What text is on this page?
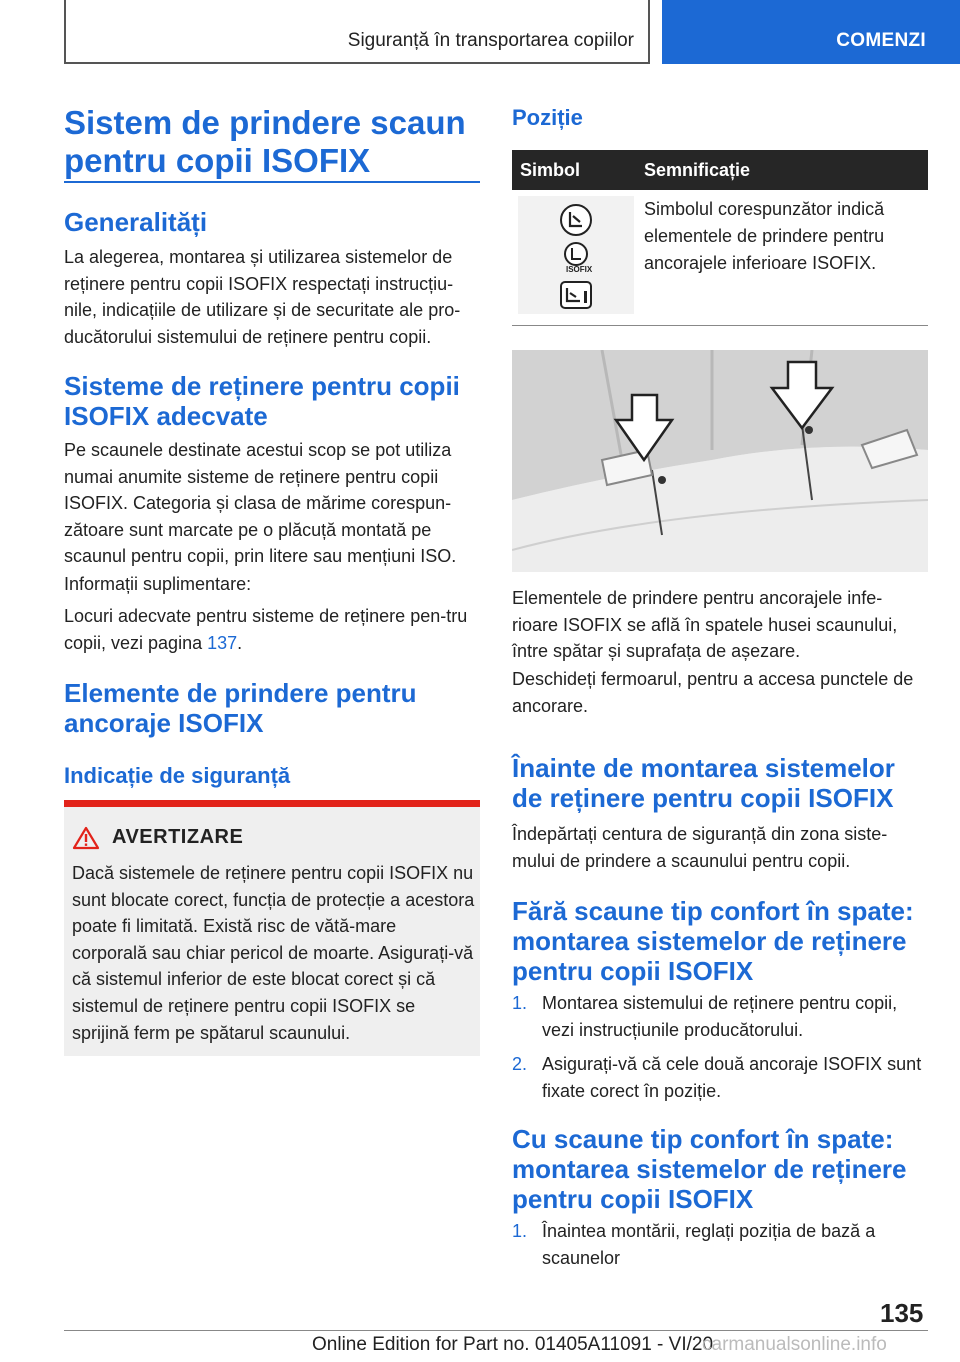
Siguranță în transportarea copiilor	COMENZI
Sistem de prindere scaun pentru copii ISOFIX
Generalități
La alegerea, montarea și utilizarea sistemelor de reținere pentru copii ISOFIX respectați instrucțiu-nile, indicațiile de utilizare și de securitate ale pro-ducătorului sistemului de reținere pentru copii.
Sisteme de reținere pentru copii ISOFIX adecvate
Pe scaunele destinate acestui scop se pot utiliza numai anumite sisteme de reținere pentru copii ISOFIX. Categoria și clasa de mărime corespun-zătoare sunt marcate pe o plăcuță montată pe scaunul pentru copii, prin litere sau mențiuni ISO.
Informații suplimentare:
Locuri adecvate pentru sisteme de reținere pen-tru copii, vezi pagina 137.
Elemente de prindere pentru ancoraje ISOFIX
Indicație de siguranță
AVERTIZARE
Dacă sistemele de reținere pentru copii ISOFIX nu sunt blocate corect, funcția de protecție a acestora poate fi limitată. Există risc de vătă-mare corporală sau chiar pericol de moarte. Asigurați-vă că sistemul inferior de este blocat corect și că sistemul de reținere pentru copii ISOFIX se sprijină ferm pe spătarul scaunului.
Poziție
Simbol	Semnificație
ISOFIX
Simbolul corespunzător indică elementele de prindere pentru ancorajele inferioare ISOFIX.
Elementele de prindere pentru ancorajele infe-rioare ISOFIX se află în spatele husei scaunului, între spătar și suprafața de așezare.
Deschideți fermoarul, pentru a accesa punctele de ancorare.
Înainte de montarea sistemelor de reținere pentru copii ISOFIX
Îndepărtați centura de siguranță din zona siste-mului de prindere a scaunului pentru copii.
Fără scaune tip confort în spate: montarea sistemelor de reținere pentru copii ISOFIX
1. Montarea sistemului de reținere pentru copii, vezi instrucțiunile producătorului.
2. Asigurați-vă că cele două ancoraje ISOFIX sunt fixate corect în poziție.
Cu scaune tip confort în spate: montarea sistemelor de reținere pentru copii ISOFIX
1. Înaintea montării, reglați poziția de bază a scaunelor
135
Online Edition for Part no. 01405A11091 - VI/20
carmanualsonline.info
